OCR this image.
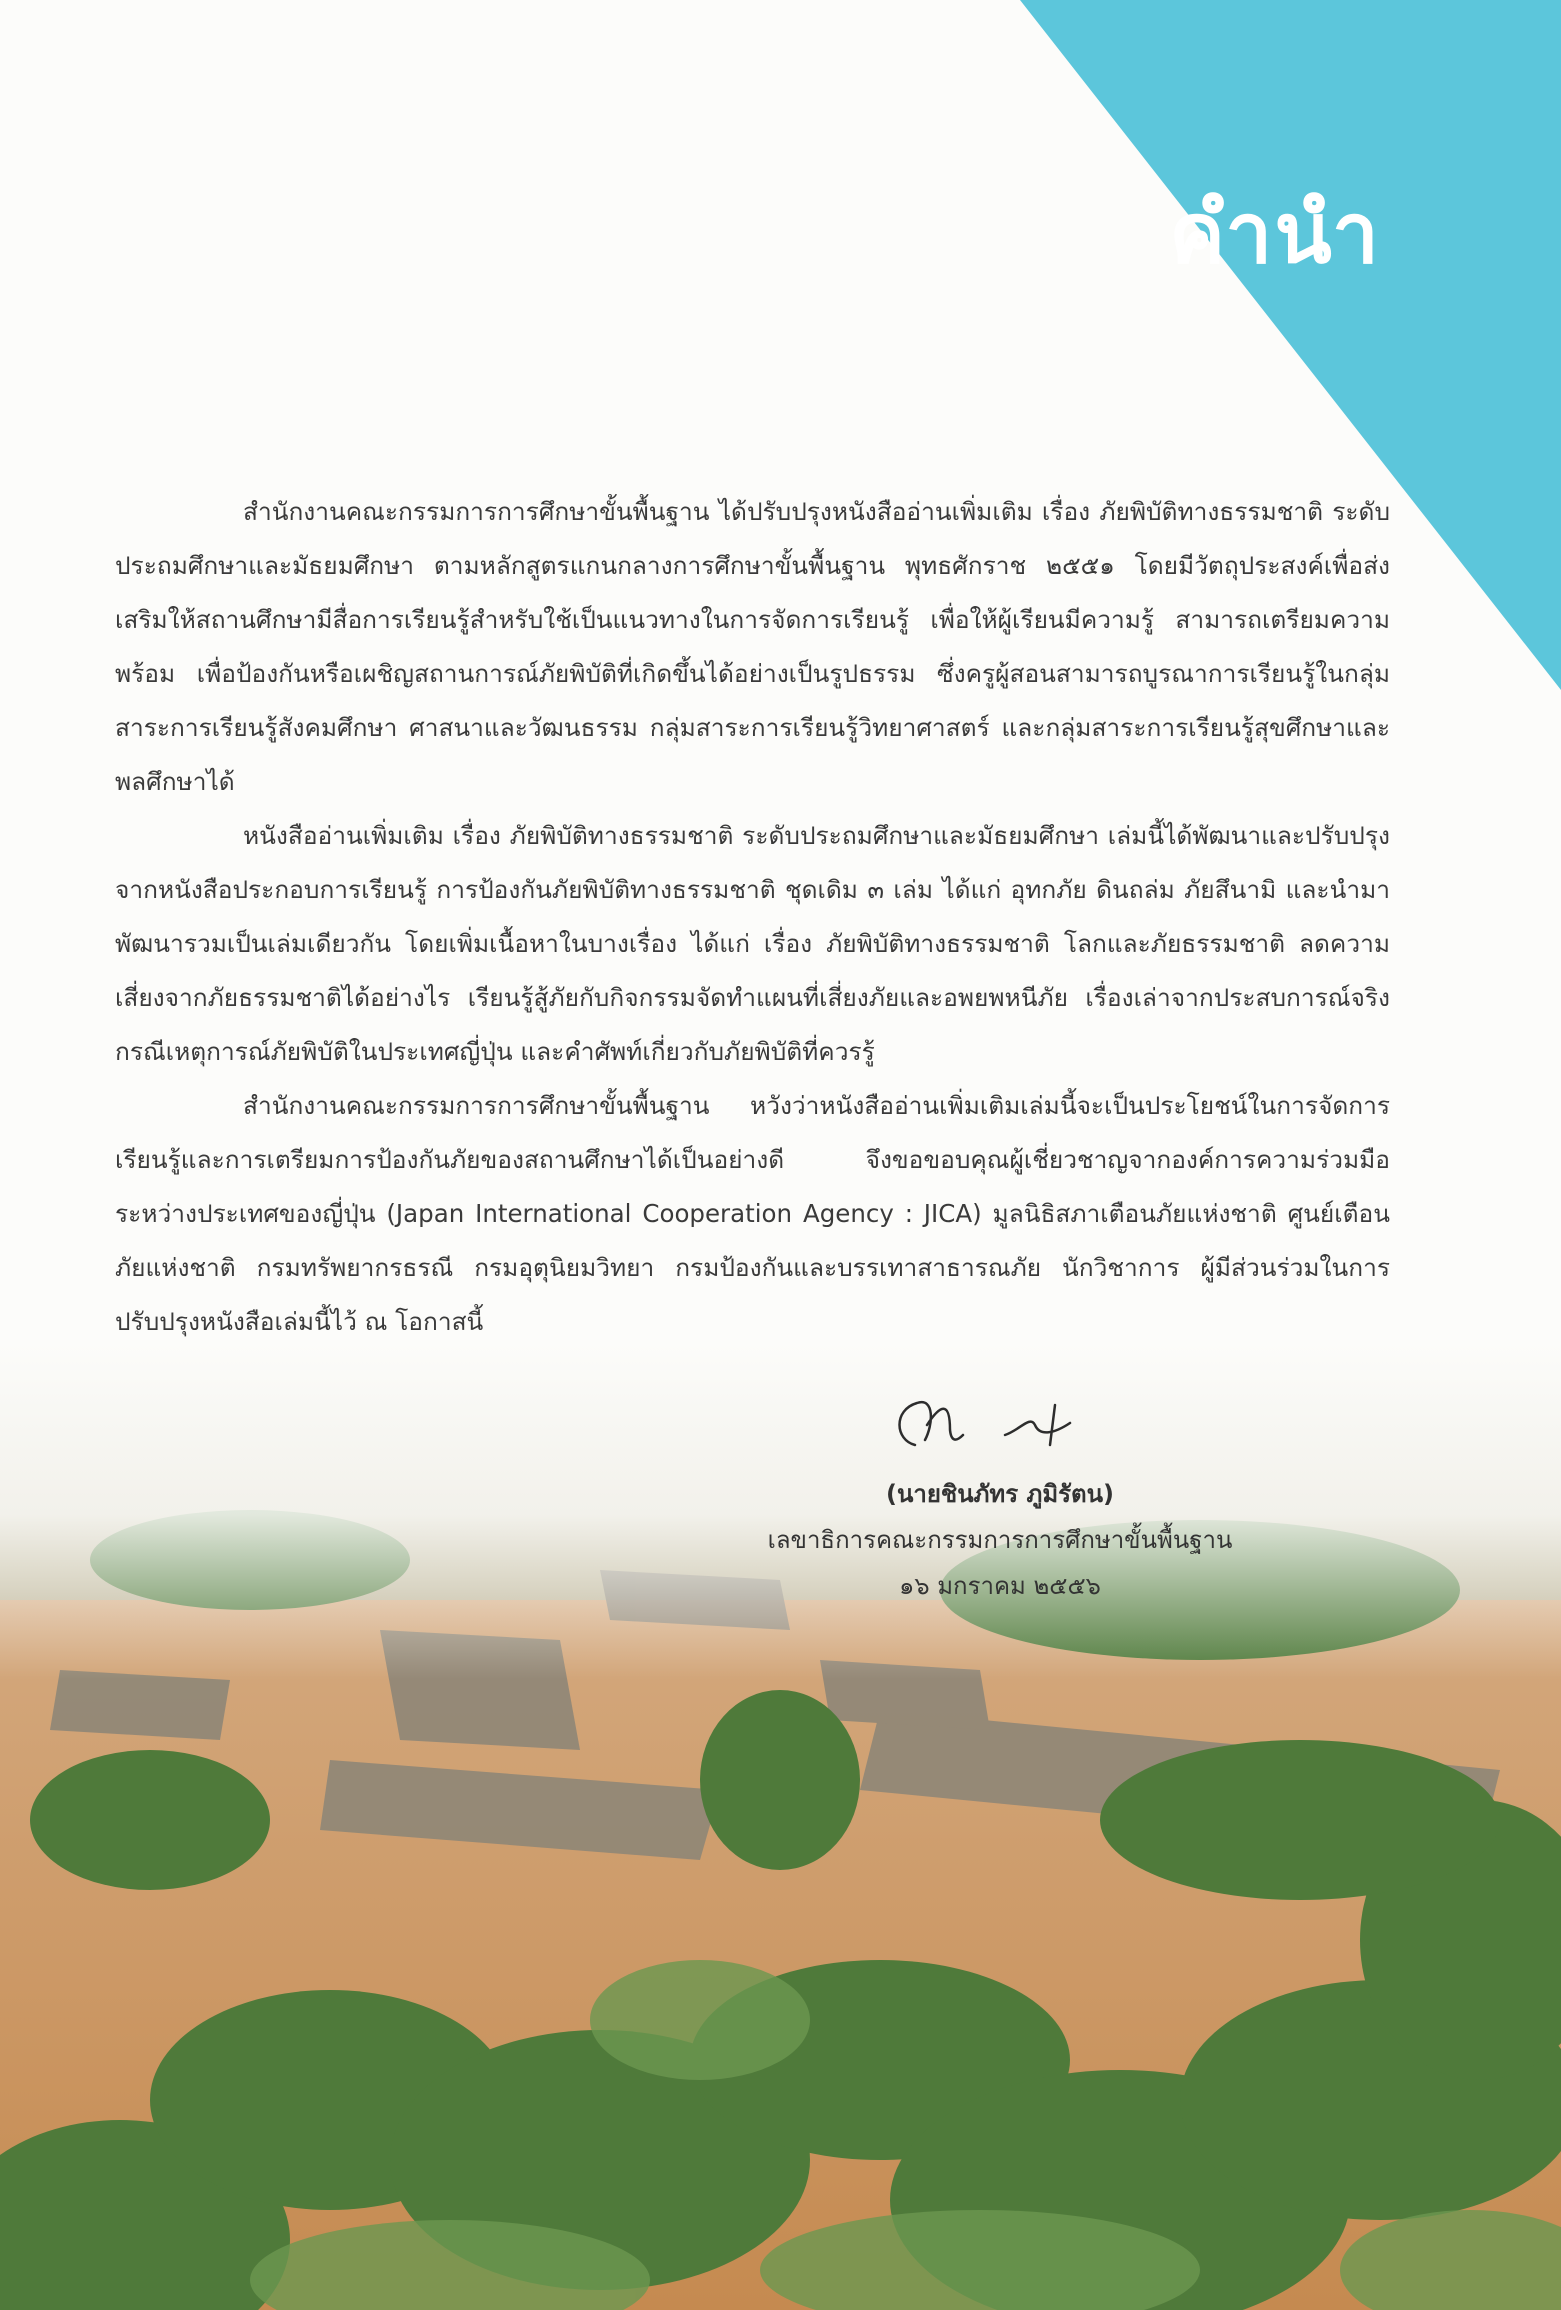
คำนำ

สำนักงานคณะกรรมการการศึกษาขั้นพื้นฐาน ได้ปรับปรุงหนังสืออ่านเพิ่มเติม เรื่อง ภัยพิบัติทางธรรมชาติ ระดับประถมศึกษาและมัธยมศึกษา ตามหลักสูตรแกนกลางการศึกษาขั้นพื้นฐาน พุทธศักราช ๒๕๕๑ โดยมีวัตถุประสงค์เพื่อส่งเสริมให้สถานศึกษามีสื่อการเรียนรู้สำหรับใช้เป็นแนวทางในการจัดการเรียนรู้ เพื่อให้ผู้เรียนมีความรู้ สามารถเตรียมความพร้อม เพื่อป้องกันหรือเผชิญสถานการณ์ภัยพิบัติที่เกิดขึ้นได้อย่างเป็นรูปธรรม ซึ่งครูผู้สอนสามารถบูรณาการเรียนรู้ในกลุ่มสาระการเรียนรู้สังคมศึกษา ศาสนาและวัฒนธรรม กลุ่มสาระการเรียนรู้วิทยาศาสตร์ และกลุ่มสาระการเรียนรู้สุขศึกษาและพลศึกษาได้

หนังสืออ่านเพิ่มเติม เรื่อง ภัยพิบัติทางธรรมชาติ ระดับประถมศึกษาและมัธยมศึกษา เล่มนี้ได้พัฒนาและปรับปรุงจากหนังสือประกอบการเรียนรู้ การป้องกันภัยพิบัติทางธรรมชาติ ชุดเดิม ๓ เล่ม ได้แก่ อุทกภัย ดินถล่ม ภัยสึนามิ และนำมาพัฒนารวมเป็นเล่มเดียวกัน โดยเพิ่มเนื้อหาในบางเรื่อง ได้แก่ เรื่อง ภัยพิบัติทางธรรมชาติ โลกและภัยธรรมชาติ ลดความเสี่ยงจากภัยธรรมชาติได้อย่างไร เรียนรู้สู้ภัยกับกิจกรรมจัดทำแผนที่เสี่ยงภัยและอพยพหนีภัย เรื่องเล่าจากประสบการณ์จริง กรณีเหตุการณ์ภัยพิบัติในประเทศญี่ปุ่น และคำศัพท์เกี่ยวกับภัยพิบัติที่ควรรู้

สำนักงานคณะกรรมการการศึกษาขั้นพื้นฐาน หวังว่าหนังสืออ่านเพิ่มเติมเล่มนี้จะเป็นประโยชน์ในการจัดการเรียนรู้และการเตรียมการป้องกันภัยของสถานศึกษาได้เป็นอย่างดี จึงขอขอบคุณผู้เชี่ยวชาญจากองค์การความร่วมมือระหว่างประเทศของญี่ปุ่น (Japan International Cooperation Agency : JICA) มูลนิธิสภาเตือนภัยแห่งชาติ ศูนย์เตือนภัยแห่งชาติ กรมทรัพยากรธรณี กรมอุตุนิยมวิทยา กรมป้องกันและบรรเทาสาธารณภัย นักวิชาการ ผู้มีส่วนร่วมในการปรับปรุงหนังสือเล่มนี้ไว้ ณ โอกาสนี้

(นายชินภัทร ภูมิรัตน)
เลขาธิการคณะกรรมการการศึกษาขั้นพื้นฐาน
๑๖ มกราคม ๒๕๕๖
